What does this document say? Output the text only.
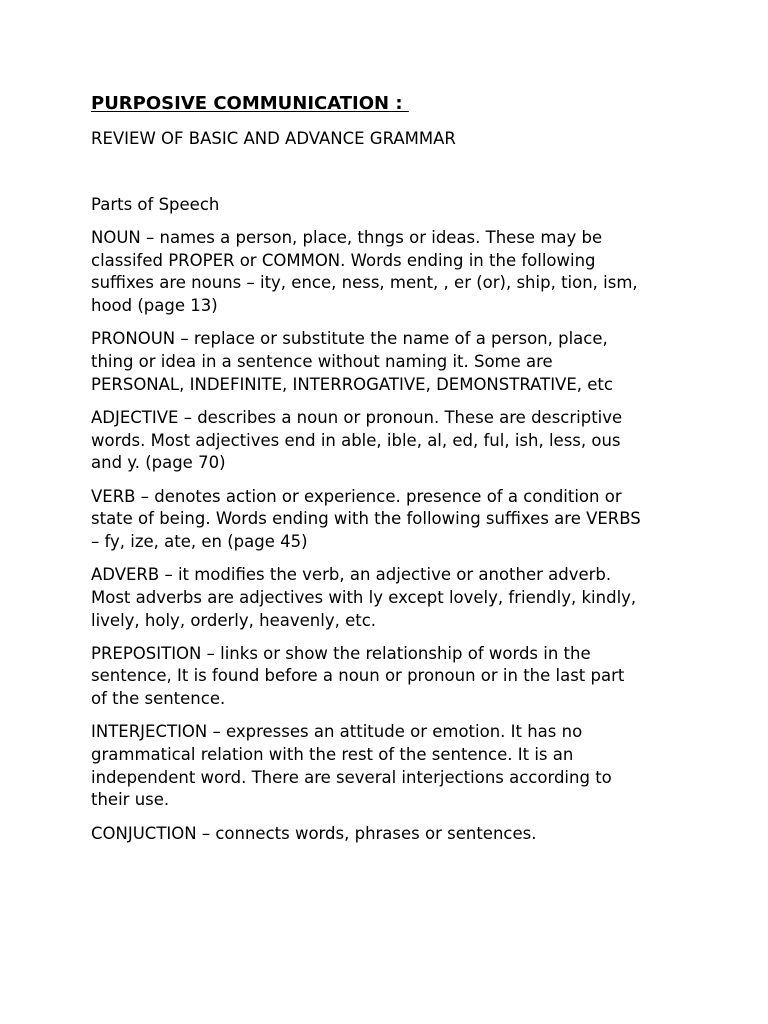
PURPOSIVE COMMUNICATION :

REVIEW OF BASIC AND ADVANCE GRAMMAR

Parts of Speech

NOUN – names a person, place, thngs or ideas. These may be
classifed PROPER or COMMON. Words ending in the following
suffixes are nouns – ity, ence, ness, ment, , er (or), ship, tion, ism,
hood (page 13)

PRONOUN – replace or substitute the name of a person, place,
thing or idea in a sentence without naming it. Some are
PERSONAL, INDEFINITE, INTERROGATIVE, DEMONSTRATIVE, etc

ADJECTIVE – describes a noun or pronoun. These are descriptive
words. Most adjectives end in able, ible, al, ed, ful, ish, less, ous
and y. (page 70)

VERB – denotes action or experience. presence of a condition or
state of being. Words ending with the following suffixes are VERBS
– fy, ize, ate, en (page 45)

ADVERB – it modifies the verb, an adjective or another adverb.
Most adverbs are adjectives with ly except lovely, friendly, kindly,
lively, holy, orderly, heavenly, etc.

PREPOSITION – links or show the relationship of words in the
sentence, It is found before a noun or pronoun or in the last part
of the sentence.

INTERJECTION – expresses an attitude or emotion. It has no
grammatical relation with the rest of the sentence. It is an
independent word. There are several interjections according to
their use.

CONJUCTION – connects words, phrases or sentences.
